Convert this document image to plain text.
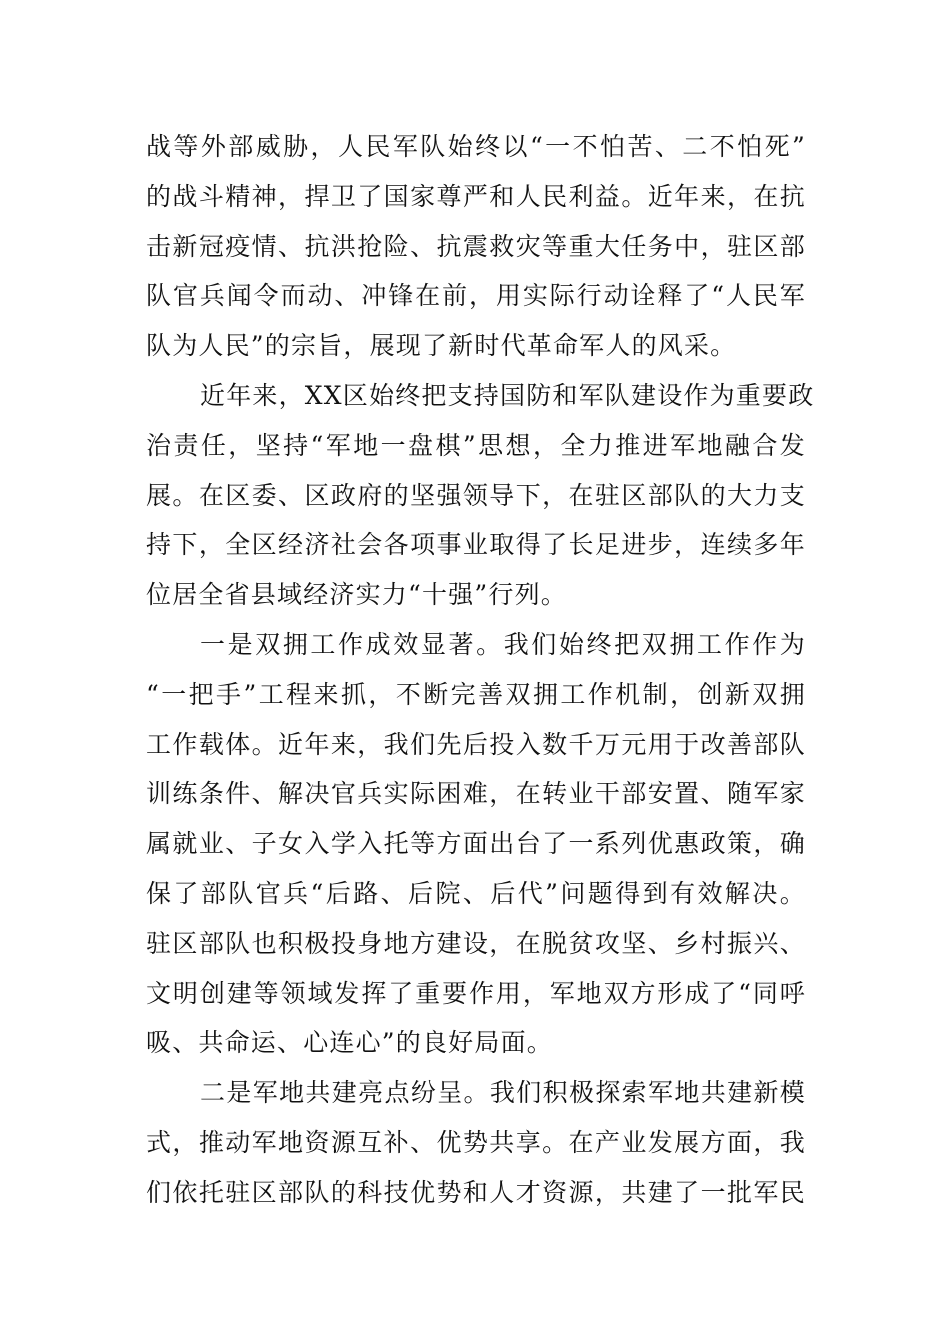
战等外部威胁，人民军队始终以“一不怕苦、二不怕死”
的战斗精神，捍卫了国家尊严和人民利益。近年来，在抗
击新冠疫情、抗洪抢险、抗震救灾等重大任务中，驻区部
队官兵闻令而动、冲锋在前，用实际行动诠释了“人民军
队为人民”的宗旨，展现了新时代革命军人的风采。
近年来，XX区始终把支持国防和军队建设作为重要政
治责任，坚持“军地一盘棋”思想，全力推进军地融合发
展。在区委、区政府的坚强领导下，在驻区部队的大力支
持下，全区经济社会各项事业取得了长足进步，连续多年
位居全省县域经济实力“十强”行列。
一是双拥工作成效显著。我们始终把双拥工作作为
“一把手”工程来抓，不断完善双拥工作机制，创新双拥
工作载体。近年来，我们先后投入数千万元用于改善部队
训练条件、解决官兵实际困难，在转业干部安置、随军家
属就业、子女入学入托等方面出台了一系列优惠政策，确
保了部队官兵“后路、后院、后代”问题得到有效解决。
驻区部队也积极投身地方建设，在脱贫攻坚、乡村振兴、
文明创建等领域发挥了重要作用，军地双方形成了“同呼
吸、共命运、心连心”的良好局面。
二是军地共建亮点纷呈。我们积极探索军地共建新模
式，推动军地资源互补、优势共享。在产业发展方面，我
们依托驻区部队的科技优势和人才资源，共建了一批军民
